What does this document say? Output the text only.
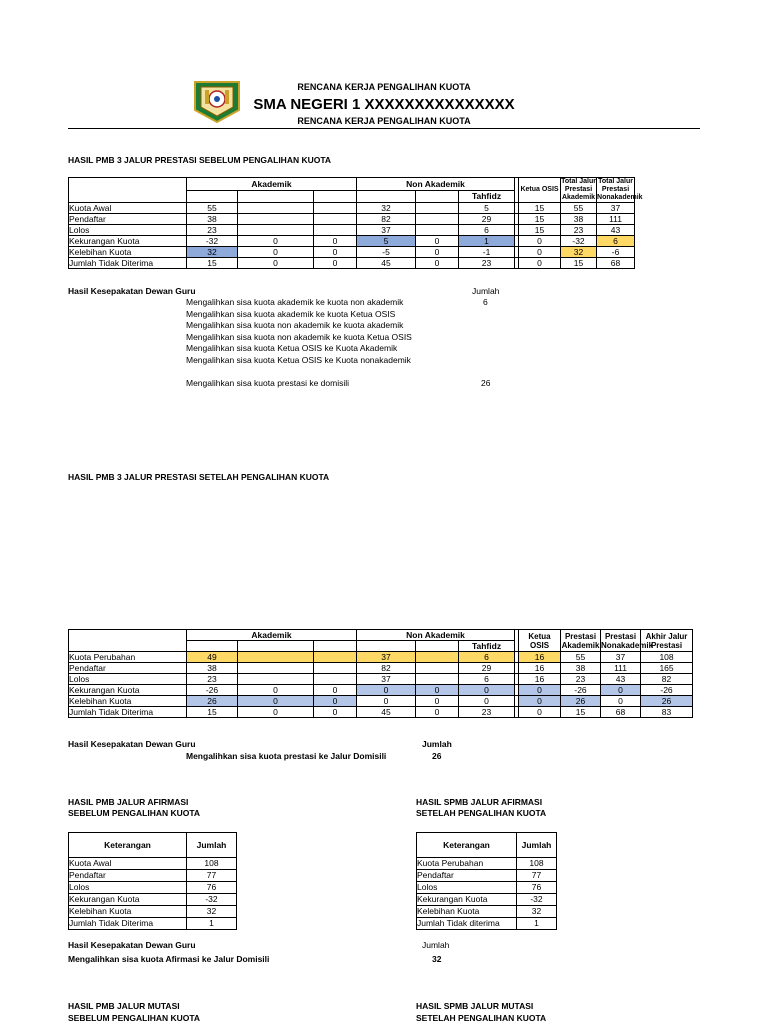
RENCANA KERJA PENGALIHAN KUOTA
SMA NEGERI 1 XXXXXXXXXXXXXXX
RENCANA KERJA PENGALIHAN KUOTA
HASIL PMB 3 JALUR PRESTASI SEBELUM PENGALIHAN KUOTA
	Akademik			Non Akademik				Ketua OSIS	Total Jalur Prestasi Akademik	Total Jalur Prestasi Nonakademik
						Tahfidz				
Kuota Awal	55			32		5		15	55	37
Pendaftar	38			82		29		15	38	111
Lolos	23			37		6		15	23	43
Kekurangan Kuota	-32	0	0	5	0	1		0	-32	6
Kelebihan Kuota	32	0	0	-5	0	-1		0	32	-6
Jumlah Tidak Diterima	15	0	0	45	0	23		0	15	68
Hasil Kesepakatan Dewan Guru	Jumlah
Mengalihkan sisa kuota akademik ke kuota non akademik	6
Mengalihkan sisa kuota akademik ke kuota Ketua OSIS
Mengalihkan sisa kuota non akademik ke kuota akademik
Mengalihkan sisa kuota non akademik ke kuota Ketua OSIS
Mengalihkan sisa kuota Ketua OSIS ke Kuota Akademik
Mengalihkan sisa kuota Ketua OSIS ke Kuota nonakademik
Mengalihkan sisa kuota prestasi ke domisili	26
HASIL PMB 3 JALUR PRESTASI SETELAH PENGALIHAN KUOTA
	Akademik			Non Akademik				Ketua OSIS	Prestasi Akademik	Prestasi Nonakademik	Akhir Jalur Prestasi
						Tahfidz					
Kuota Perubahan	49			37		6		16	55	37	108
Pendaftar	38			82		29		16	38	111	165
Lolos	23			37		6		16	23	43	82
Kekurangan Kuota	-26	0	0	0	0	0		0	-26	0	-26
Kelebihan Kuota	26	0	0	0	0	0		0	26	0	26
Jumlah Tidak Diterima	15	0	0	45	0	23		0	15	68	83
Hasil Kesepakatan Dewan Guru	Jumlah
Mengalihkan sisa kuota prestasi ke Jalur Domisili	26
HASIL PMB JALUR AFIRMASI
SEBELUM PENGALIHAN KUOTA
HASIL SPMB JALUR AFIRMASI
SETELAH PENGALIHAN KUOTA
Keterangan	Jumlah
Kuota Awal	108
Pendaftar	77
Lolos	76
Kekurangan Kuota	-32
Kelebihan Kuota	32
Jumlah Tidak Diterima	1
Keterangan	Jumlah
Kuota Perubahan	108
Pendaftar	77
Lolos	76
Kekurangan Kuota	-32
Kelebihan Kuota	32
Jumlah Tidak diterima	1
Hasil Kesepakatan Dewan Guru	Jumlah
Mengalihkan sisa kuota Afirmasi ke Jalur Domisili	32
HASIL PMB JALUR MUTASI
SEBELUM PENGALIHAN KUOTA
HASIL SPMB JALUR MUTASI
SETELAH PENGALIHAN KUOTA
